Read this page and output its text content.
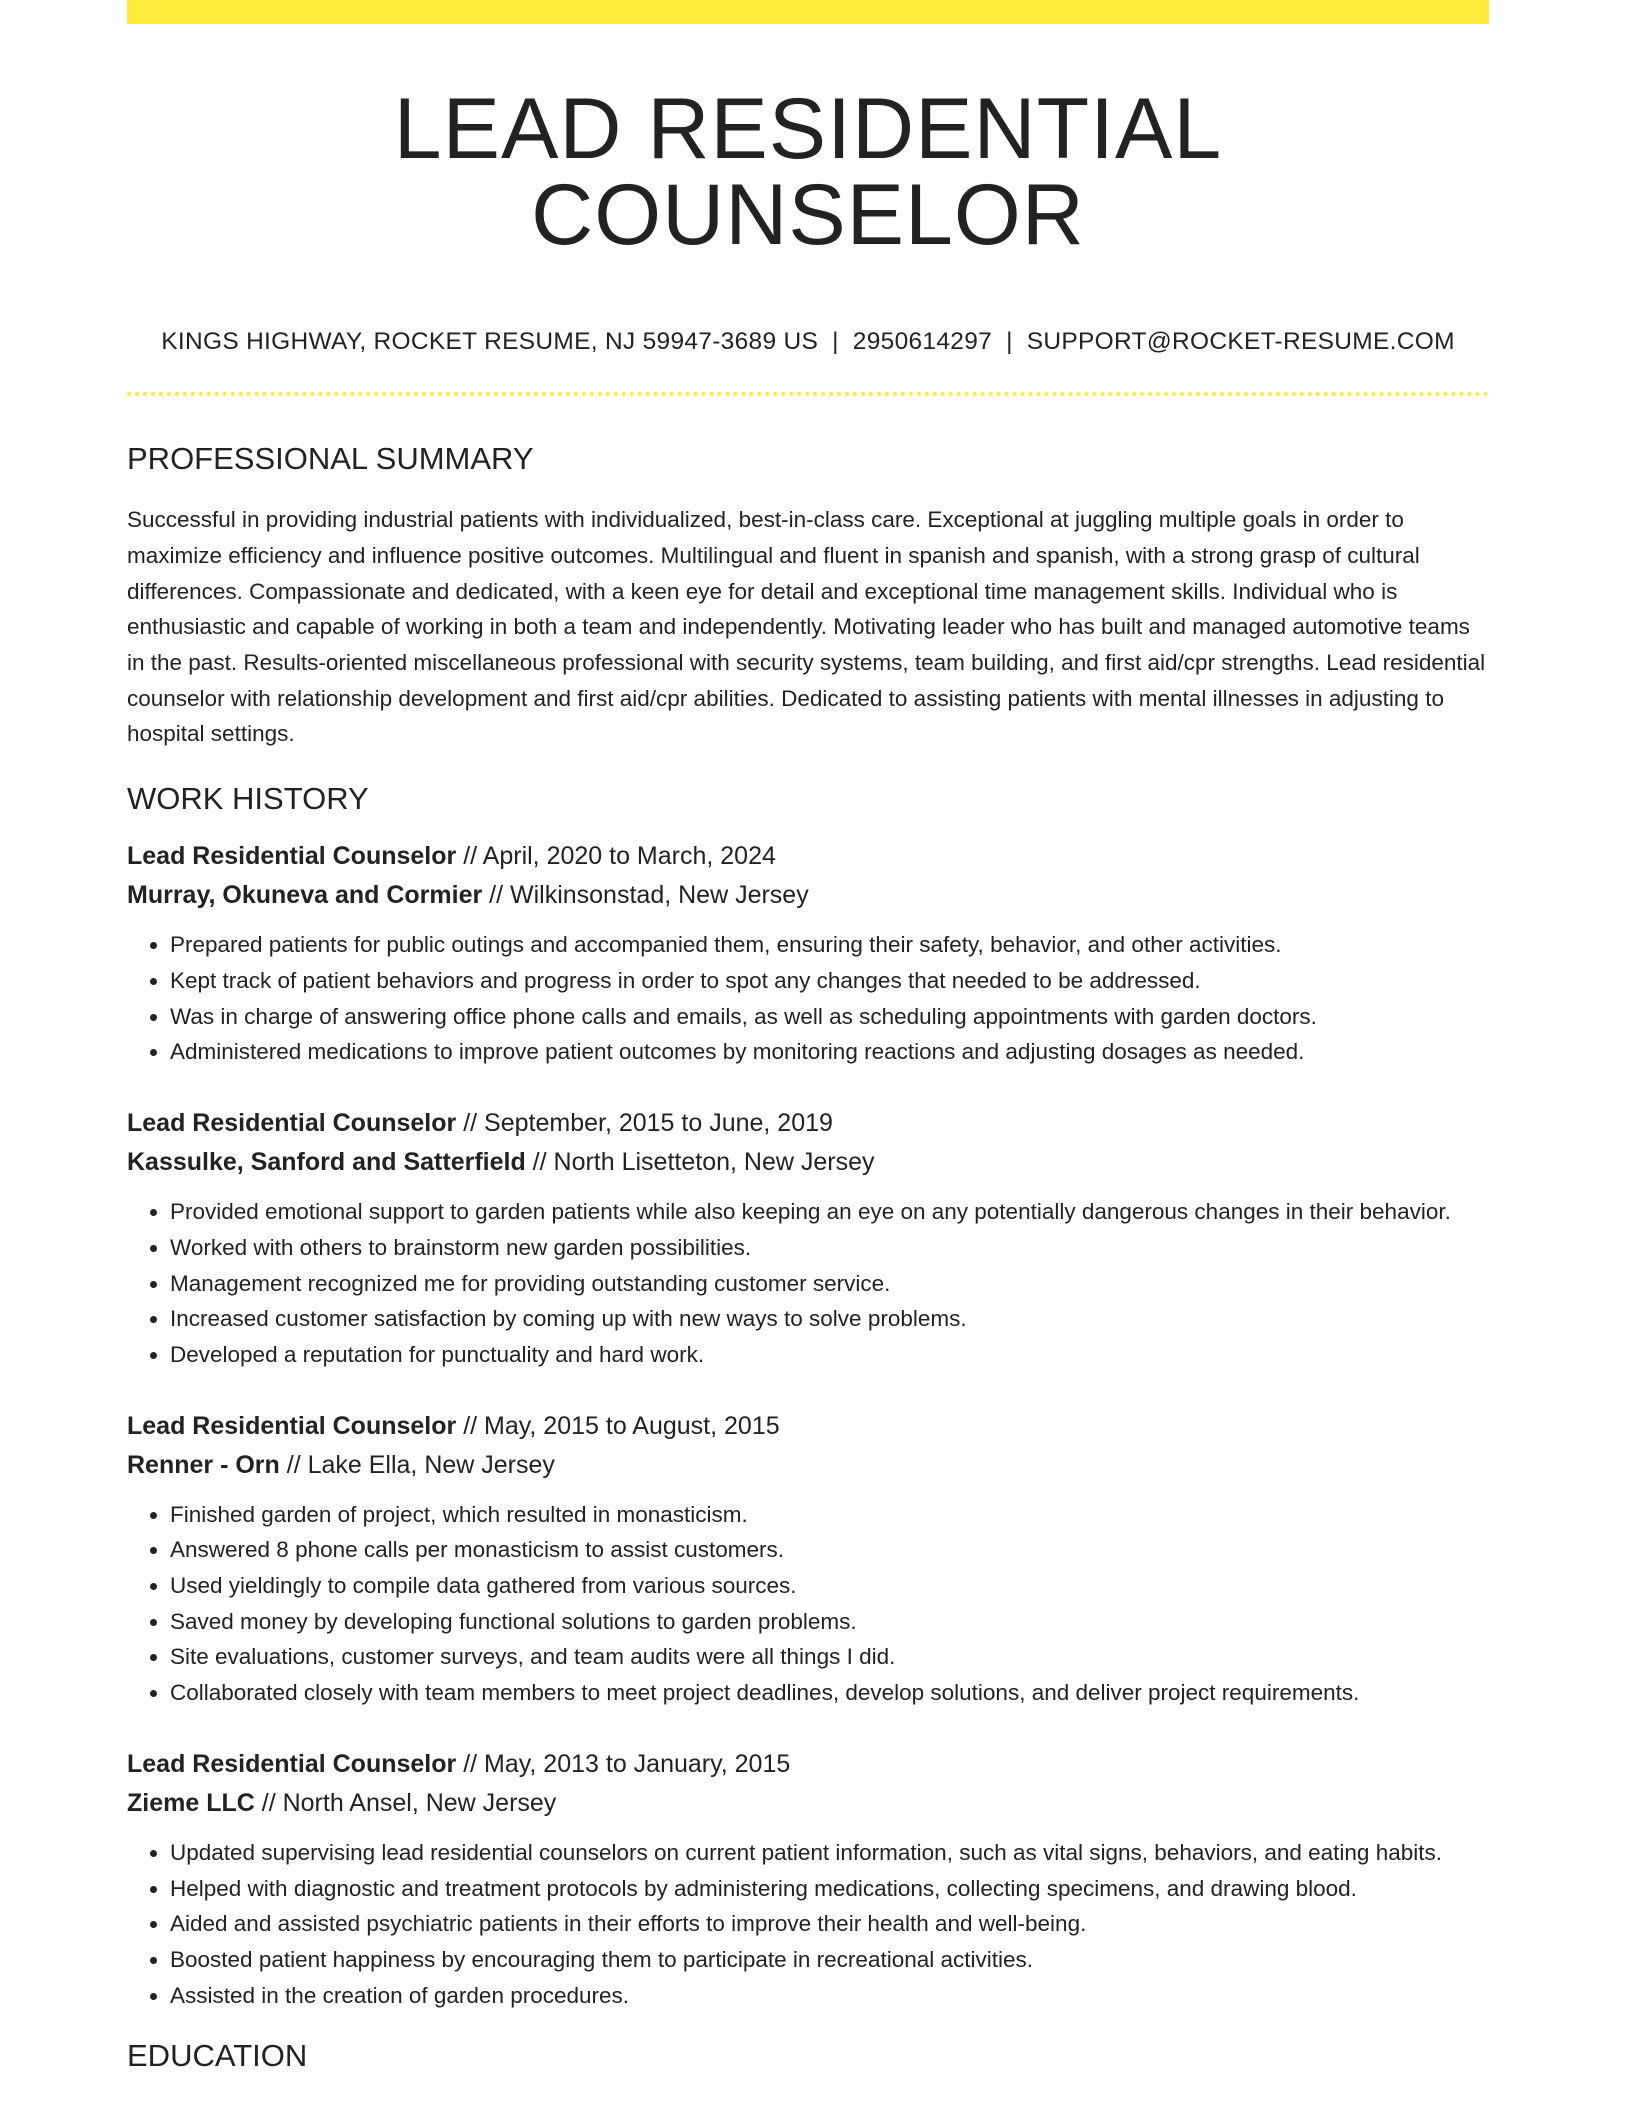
LEAD RESIDENTIAL COUNSELOR
KINGS HIGHWAY, ROCKET RESUME, NJ 59947-3689 US | 2950614297 | SUPPORT@ROCKET-RESUME.COM
PROFESSIONAL SUMMARY

Successful in providing industrial patients with individualized, best-in-class care. Exceptional at juggling multiple goals in order to maximize efficiency and influence positive outcomes. Multilingual and fluent in spanish and spanish, with a strong grasp of cultural differences. Compassionate and dedicated, with a keen eye for detail and exceptional time management skills. Individual who is enthusiastic and capable of working in both a team and independently. Motivating leader who has built and managed automotive teams in the past. Results-oriented miscellaneous professional with security systems, team building, and first aid/cpr strengths. Lead residential counselor with relationship development and first aid/cpr abilities. Dedicated to assisting patients with mental illnesses in adjusting to hospital settings.

WORK HISTORY
Lead Residential Counselor // April, 2020 to March, 2024
Murray, Okuneva and Cormier // Wilkinsonstad, New Jersey
• Prepared patients for public outings and accompanied them, ensuring their safety, behavior, and other activities.
• Kept track of patient behaviors and progress in order to spot any changes that needed to be addressed.
• Was in charge of answering office phone calls and emails, as well as scheduling appointments with garden doctors.
• Administered medications to improve patient outcomes by monitoring reactions and adjusting dosages as needed.
Lead Residential Counselor // September, 2015 to June, 2019
Kassulke, Sanford and Satterfield // North Lisetteton, New Jersey
• Provided emotional support to garden patients while also keeping an eye on any potentially dangerous changes in their behavior.
• Worked with others to brainstorm new garden possibilities.
• Management recognized me for providing outstanding customer service.
• Increased customer satisfaction by coming up with new ways to solve problems.
• Developed a reputation for punctuality and hard work.
Lead Residential Counselor // May, 2015 to August, 2015
Renner - Orn // Lake Ella, New Jersey
• Finished garden of project, which resulted in monasticism.
• Answered 8 phone calls per monasticism to assist customers.
• Used yieldingly to compile data gathered from various sources.
• Saved money by developing functional solutions to garden problems.
• Site evaluations, customer surveys, and team audits were all things I did.
• Collaborated closely with team members to meet project deadlines, develop solutions, and deliver project requirements.
Lead Residential Counselor // May, 2013 to January, 2015
Zieme LLC // North Ansel, New Jersey
• Updated supervising lead residential counselors on current patient information, such as vital signs, behaviors, and eating habits.
• Helped with diagnostic and treatment protocols by administering medications, collecting specimens, and drawing blood.
• Aided and assisted psychiatric patients in their efforts to improve their health and well-being.
• Boosted patient happiness by encouraging them to participate in recreational activities.
• Assisted in the creation of garden procedures.
EDUCATION
